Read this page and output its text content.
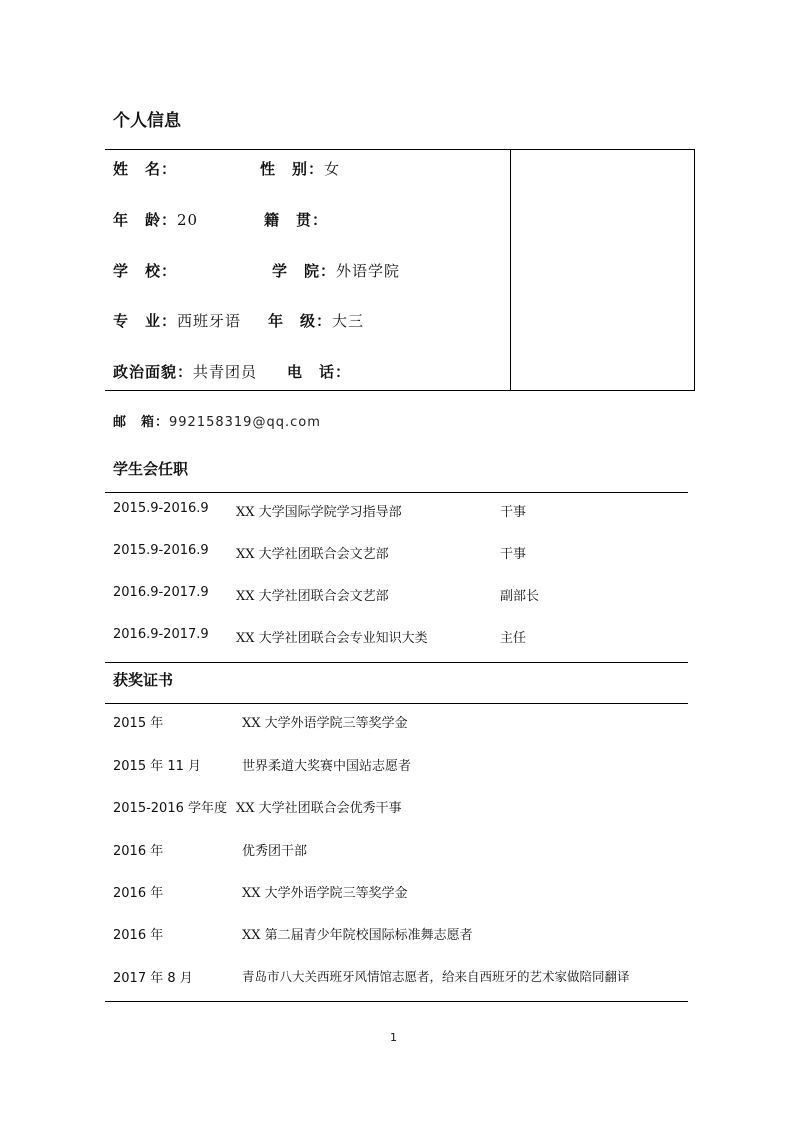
个人信息
姓　名：	性　别：女
年　龄：20	籍　贯：
学　校：	学　院：外语学院
专　业：西班牙语 年　级：大三
政治面貌：共青团员 电　话：
邮　箱：992158319@qq.com
学生会任职
2015.9-2016.9 XX 大学国际学院学习指导部	干事
2015.9-2016.9 XX 大学社团联合会文艺部	干事
2016.9-2017.9 XX 大学社团联合会文艺部	副部长
2016.9-2017.9 XX 大学社团联合会专业知识大类	主任
获奖证书
2015 年	XX 大学外语学院三等奖学金
2015 年 11 月	世界柔道大奖赛中国站志愿者
2015-2016 学年度 XX 大学社团联合会优秀干事
2016 年	优秀团干部
2016 年	XX 大学外语学院三等奖学金
2016 年	XX 第二届青少年院校国际标准舞志愿者
2017 年 8 月	青岛市八大关西班牙风情馆志愿者，给来自西班牙的艺术家做陪同翻译
1
